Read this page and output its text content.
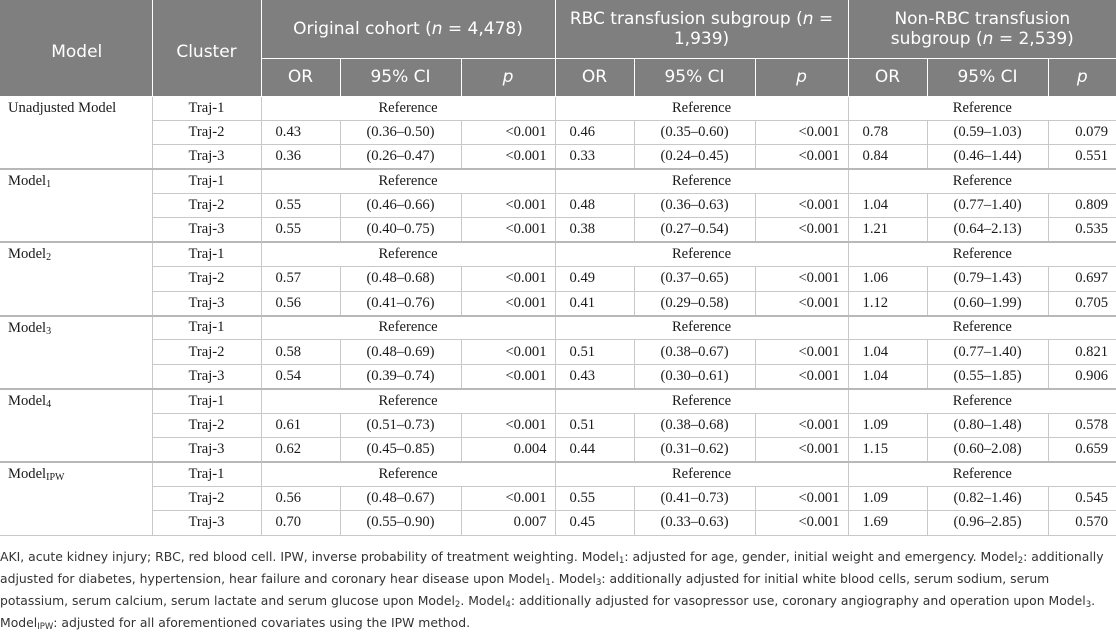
Model	Cluster	Original cohort (n = 4,478)			RBC transfusion subgroup (n = 1,939)			Non-RBC transfusion subgroup (n = 2,539)		
		OR	95% CI	p	OR	95% CI	p	OR	95% CI	p
Unadjusted Model	Traj-1	Reference			Reference			Reference		
	Traj-2	0.43	(0.36–0.50)	<0.001	0.46	(0.35–0.60)	<0.001	0.78	(0.59–1.03)	0.079
	Traj-3	0.36	(0.26–0.47)	<0.001	0.33	(0.24–0.45)	<0.001	0.84	(0.46–1.44)	0.551
Model$_1$	Traj-1	Reference			Reference			Reference		
	Traj-2	0.55	(0.46–0.66)	<0.001	0.48	(0.36–0.63)	<0.001	1.04	(0.77–1.40)	0.809
	Traj-3	0.55	(0.40–0.75)	<0.001	0.38	(0.27–0.54)	<0.001	1.21	(0.64–2.13)	0.535
Model$_2$	Traj-1	Reference			Reference			Reference		
	Traj-2	0.57	(0.48–0.68)	<0.001	0.49	(0.37–0.65)	<0.001	1.06	(0.79–1.43)	0.697
	Traj-3	0.56	(0.41–0.76)	<0.001	0.41	(0.29–0.58)	<0.001	1.12	(0.60–1.99)	0.705
Model$_3$	Traj-1	Reference			Reference			Reference		
	Traj-2	0.58	(0.48–0.69)	<0.001	0.51	(0.38–0.67)	<0.001	1.04	(0.77–1.40)	0.821
	Traj-3	0.54	(0.39–0.74)	<0.001	0.43	(0.30–0.61)	<0.001	1.04	(0.55–1.85)	0.906
Model$_4$	Traj-1	Reference			Reference			Reference		
	Traj-2	0.61	(0.51–0.73)	<0.001	0.51	(0.38–0.68)	<0.001	1.09	(0.80–1.48)	0.578
	Traj-3	0.62	(0.45–0.85)	0.004	0.44	(0.31–0.62)	<0.001	1.15	(0.60–2.08)	0.659
Model$_{IPW}$	Traj-1	Reference			Reference			Reference		
	Traj-2	0.56	(0.48–0.67)	<0.001	0.55	(0.41–0.73)	<0.001	1.09	(0.82–1.46)	0.545
	Traj-3	0.70	(0.55–0.90)	0.007	0.45	(0.33–0.63)	<0.001	1.69	(0.96–2.85)	0.570
AKI, acute kidney injury; RBC, red blood cell. IPW, inverse probability of treatment weighting. Model$_1$: adjusted for age, gender, initial weight and emergency. Model$_2$: additionally adjusted for diabetes, hypertension, hear failure and coronary hear disease upon Model$_1$. Model$_3$: additionally adjusted for initial white blood cells, serum sodium, serum potassium, serum calcium, serum lactate and serum glucose upon Model$_2$. Model$_4$: additionally adjusted for vasopressor use, coronary angiography and operation upon Model$_3$. Model$_{IPW}$: adjusted for all aforementioned covariates using the IPW method.
